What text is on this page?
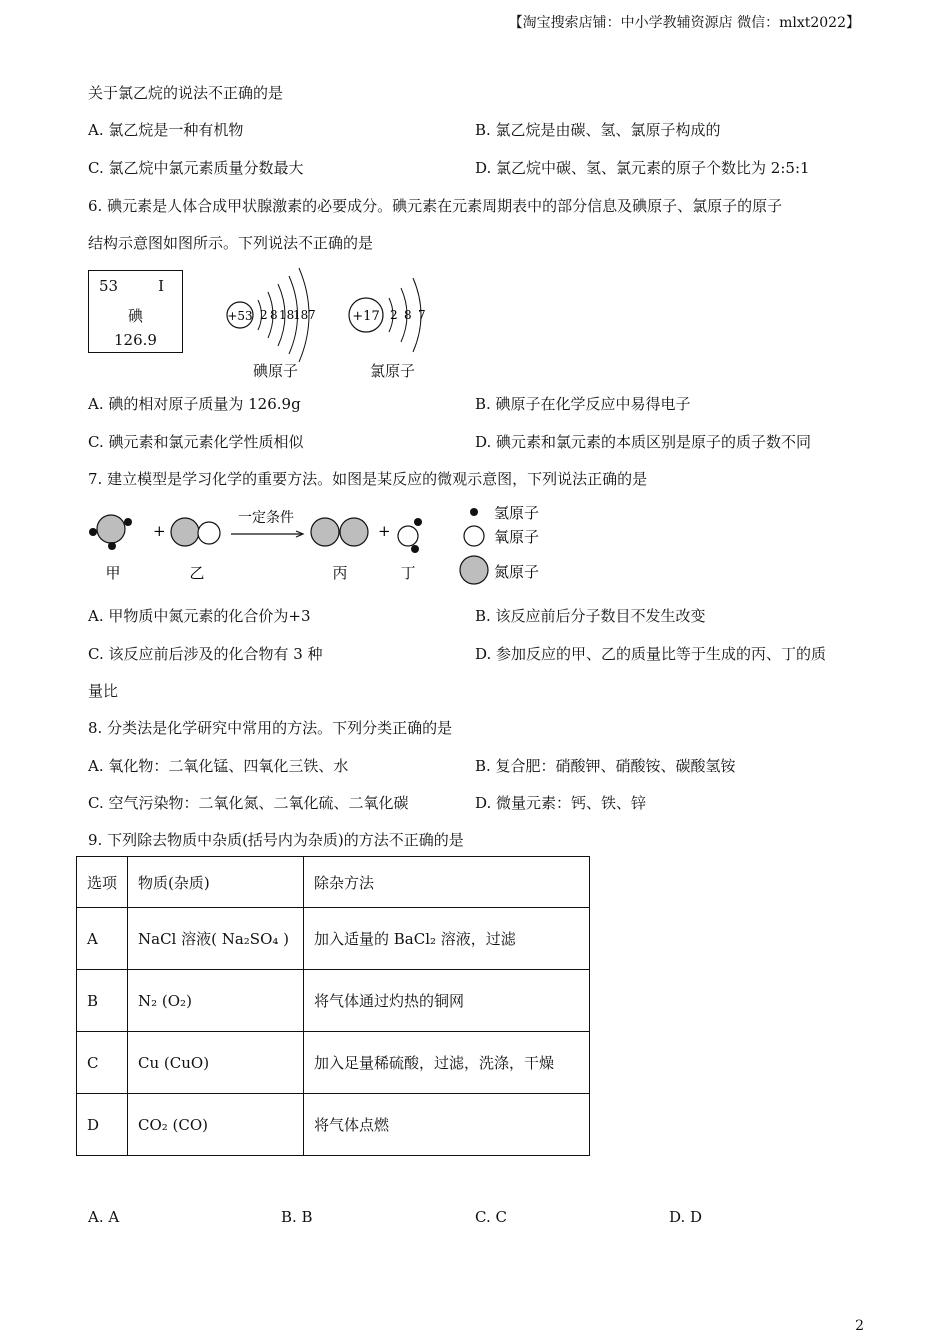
【淘宝搜索店铺：中小学教辅资源店 微信：mlxt2022】
关于氯乙烷的说法不正确的是
A. 氯乙烷是一种有机物	B. 氯乙烷是由碳、氢、氯原子构成的
C. 氯乙烷中氯元素质量分数最大	D. 氯乙烷中碳、氢、氯元素的原子个数比为 2:5:1
6. 碘元素是人体合成甲状腺激素的必要成分。碘元素在元素周期表中的部分信息及碘原子、氯原子的原子
结构示意图如图所示。下列说法不正确的是
53	I
碘
126.9
+53 2 8 18
18 7
碘原子
+17 2 8 7
氯原子
A. 碘的相对原子质量为 126.9g	B. 碘原子在化学反应中易得电子
C. 碘元素和氯元素化学性质相似	D. 碘元素和氯元素的本质区别是原子的质子数不同
7. 建立模型是学习化学的重要方法。如图是某反应的微观示意图，下列说法正确的是
+
一定条件
+
甲	乙	丙	丁
氢原子
氧原子
氮原子
A. 甲物质中氮元素的化合价为+3	B. 该反应前后分子数目不发生改变
C. 该反应前后涉及的化合物有 3 种	D. 参加反应的甲、乙的质量比等于生成的丙、丁的质
量比
8. 分类法是化学研究中常用的方法。下列分类正确的是
A. 氧化物：二氧化锰、四氧化三铁、水	B. 复合肥：硝酸钾、硝酸铵、碳酸氢铵
C. 空气污染物：二氧化氮、二氧化硫、二氧化碳	D. 微量元素：钙、铁、锌
9. 下列除去物质中杂质(括号内为杂质)的方法不正确的是
选项	物质(杂质)	除杂方法
A	NaCl 溶液( Na₂SO₄ )	加入适量的 BaCl₂ 溶液，过滤
B	N₂ (O₂)	将气体通过灼热的铜网
C	Cu (CuO)	加入足量稀硫酸，过滤，洗涤，干燥
D	CO₂ (CO)	将气体点燃
A. A	B. B	C. C	D. D
2
